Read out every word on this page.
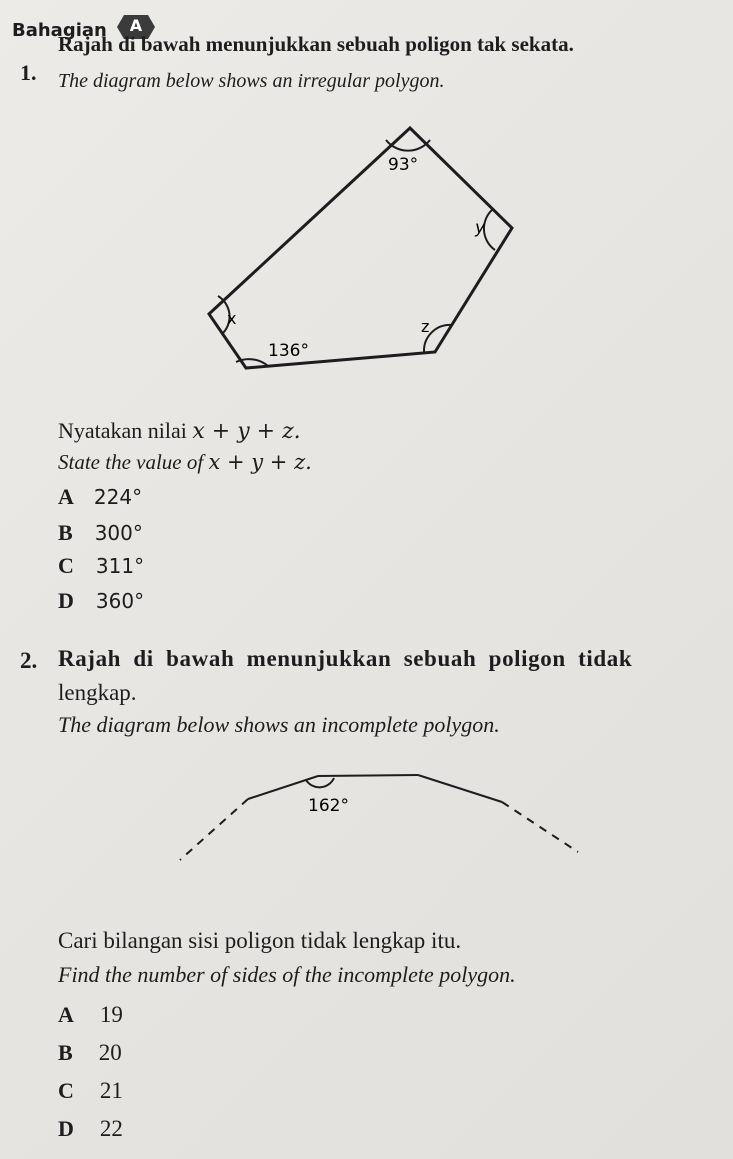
Bahagian	A
1.
Rajah di bawah menunjukkan sebuah poligon tak sekata.
The diagram below shows an irregular polygon.
93°
y
z
136°
x
Nyatakan nilai x + y + z.
State the value of x + y + z.
A 224°
B 300°
C 311°
D 360°
2. Rajah di bawah menunjukkan sebuah poligon tidak
lengkap.
The diagram below shows an incomplete polygon.
162°
Cari bilangan sisi poligon tidak lengkap itu.
Find the number of sides of the incomplete polygon.
A 19
B 20
C 21
D 22
